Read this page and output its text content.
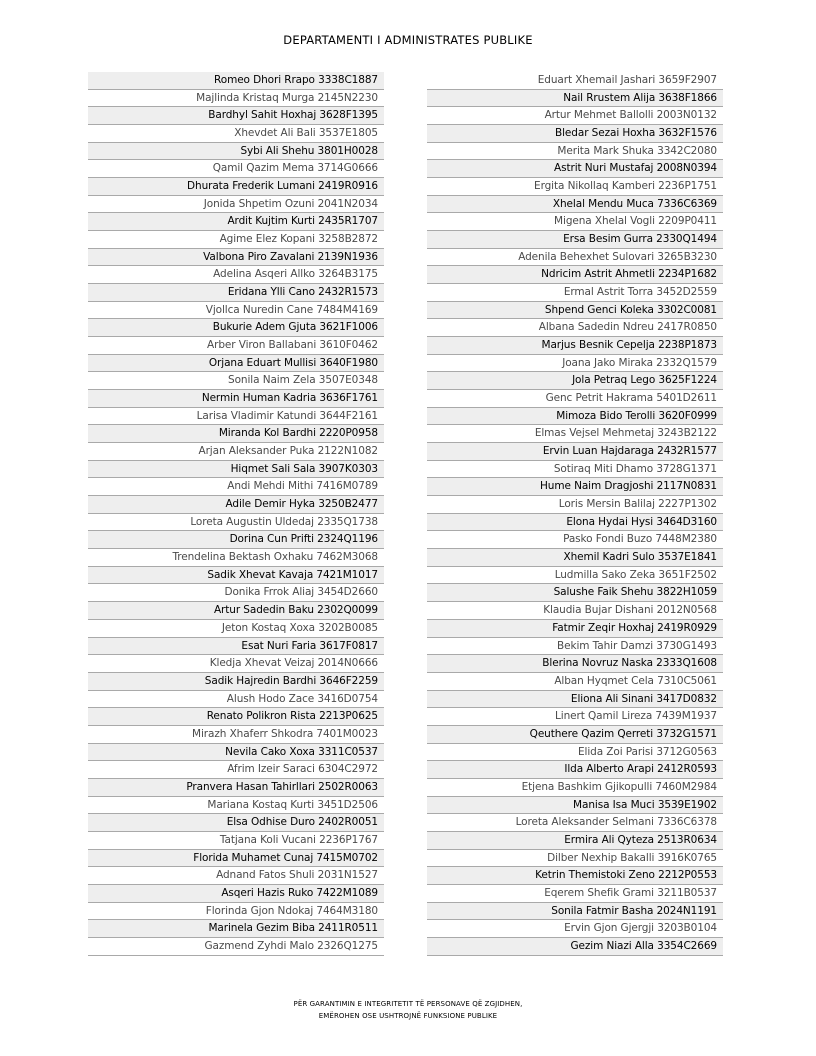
DEPARTAMENTI I ADMINISTRATES PUBLIKE
Romeo Dhori Rrapo 3338C1887
Majlinda Kristaq Murga 2145N2230
Bardhyl Sahit Hoxhaj 3628F1395
Xhevdet Ali Bali 3537E1805
Sybi Ali Shehu 3801H0028
Qamil Qazim Mema 3714G0666
Dhurata Frederik Lumani 2419R0916
Jonida Shpetim Ozuni 2041N2034
Ardit Kujtim Kurti 2435R1707
Agime Elez Kopani 3258B2872
Valbona Piro Zavalani 2139N1936
Adelina Asqeri Allko 3264B3175
Eridana Ylli Cano 2432R1573
Vjollca Nuredin Cane 7484M4169
Bukurie Adem Gjuta 3621F1006
Arber Viron Ballabani 3610F0462
Orjana Eduart Mullisi 3640F1980
Sonila Naim Zela 3507E0348
Nermin Human Kadria 3636F1761
Larisa Vladimir Katundi 3644F2161
Miranda Kol Bardhi 2220P0958
Arjan Aleksander Puka 2122N1082
Hiqmet Sali Sala 3907K0303
Andi Mehdi Mithi 7416M0789
Adile Demir Hyka 3250B2477
Loreta Augustin Uldedaj 2335Q1738
Dorina Cun Prifti 2324Q1196
Trendelina Bektash Oxhaku 7462M3068
Sadik Xhevat Kavaja 7421M1017
Donika Frrok Aliaj 3454D2660
Artur Sadedin Baku 2302Q0099
Jeton Kostaq Xoxa 3202B0085
Esat Nuri Faria 3617F0817
Kledja Xhevat Veizaj 2014N0666
Sadik Hajredin Bardhi 3646F2259
Alush Hodo Zace 3416D0754
Renato Polikron Rista 2213P0625
Mirazh Xhaferr Shkodra 7401M0023
Nevila Cako Xoxa 3311C0537
Afrim Izeir Saraci 6304C2972
Pranvera Hasan Tahirllari 2502R0063
Mariana Kostaq Kurti 3451D2506
Elsa Odhise Duro 2402R0051
Tatjana Koli Vucani 2236P1767
Florida Muhamet Cunaj 7415M0702
Adnand Fatos Shuli 2031N1527
Asqeri Hazis Ruko 7422M1089
Florinda Gjon Ndokaj 7464M3180
Marinela Gezim Biba 2411R0511
Gazmend Zyhdi Malo 2326Q1275
Eduart Xhemail Jashari 3659F2907
Nail Rrustem Alija 3638F1866
Artur Mehmet Ballolli 2003N0132
Bledar Sezai Hoxha 3632F1576
Merita Mark Shuka 3342C2080
Astrit Nuri Mustafaj 2008N0394
Ergita Nikollaq Kamberi 2236P1751
Xhelal Mendu Muca 7336C6369
Migena Xhelal Vogli 2209P0411
Ersa Besim Gurra 2330Q1494
Adenila Behexhet Sulovari 3265B3230
Ndricim Astrit Ahmetli 2234P1682
Ermal Astrit Torra 3452D2559
Shpend Genci Koleka 3302C0081
Albana Sadedin Ndreu 2417R0850
Marjus Besnik Cepelja 2238P1873
Joana Jako Miraka 2332Q1579
Jola Petraq Lego 3625F1224
Genc Petrit Hakrama 5401D2611
Mimoza Bido Terolli 3620F0999
Elmas Vejsel Mehmetaj 3243B2122
Ervin Luan Hajdaraga 2432R1577
Sotiraq Miti Dhamo 3728G1371
Hume Naim Dragjoshi 2117N0831
Loris Mersin Balilaj 2227P1302
Elona Hydai Hysi 3464D3160
Pasko Fondi Buzo 7448M2380
Xhemil Kadri Sulo 3537E1841
Ludmilla Sako Zeka 3651F2502
Salushe Faik Shehu 3822H1059
Klaudia Bujar Dishani 2012N0568
Fatmir Zeqir Hoxhaj 2419R0929
Bekim Tahir Damzi 3730G1493
Blerina Novruz Naska 2333Q1608
Alban Hyqmet Cela 7310C5061
Eliona Ali Sinani 3417D0832
Linert Qamil Lireza 7439M1937
Qeuthere Qazim Qerreti 3732G1571
Elida Zoi Parisi 3712G0563
Ilda Alberto Arapi 2412R0593
Etjena Bashkim Gjikopulli 7460M2984
Manisa Isa Muci 3539E1902
Loreta Aleksander Selmani 7336C6378
Ermira Ali Qyteza 2513R0634
Dilber Nexhip Bakalli 3916K0765
Ketrin Themistoki Zeno 2212P0553
Eqerem Shefik Grami 3211B0537
Sonila Fatmir Basha 2024N1191
Ervin Gjon Gjergji 3203B0104
Gezim Niazi Alla 3354C2669
PËR GARANTIMIN E INTEGRITETIT TË PERSONAVE QË ZGJIDHEN,
EMËROHEN OSE USHTROJNË FUNKSIONE PUBLIKE
